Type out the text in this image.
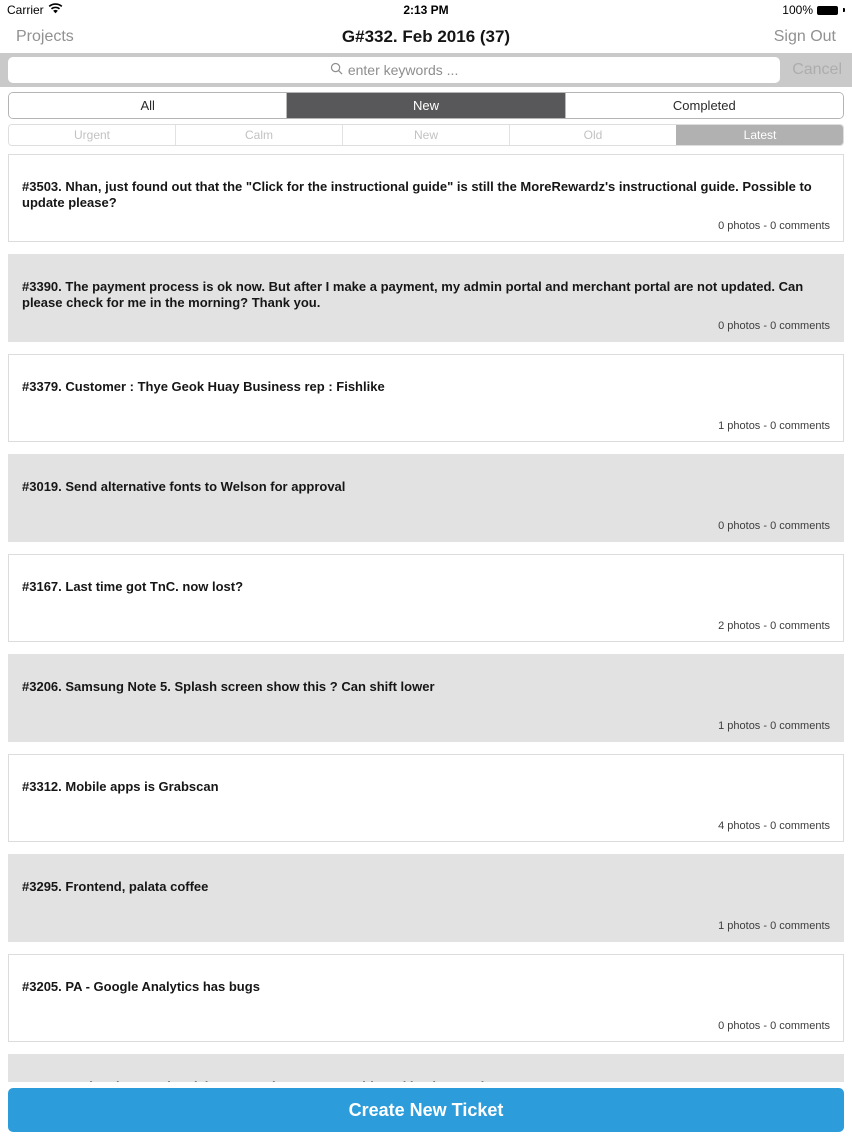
Carrier	2:13 PM	100%
G#332. Feb 2016 (37)
Projects	Sign Out
enter keywords ...	Cancel
All	New	Completed
Urgent	Calm	New	Old	Latest
#3503. Nhan, just found out that the "Click for the instructional guide" is still the MoreRewardz's instructional guide. Possible to update please?
0 photos - 0 comments
#3390. The payment process is ok now. But after I make a payment, my admin portal and merchant portal are not updated. Can please check for me in the morning? Thank you.
0 photos - 0 comments
#3379. Customer : Thye Geok Huay Business rep : Fishlike
1 photos - 0 comments
#3019. Send alternative fonts to Welson for approval
0 photos - 0 comments
#3167. Last time got TnC. now lost?
2 photos - 0 comments
#3206. Samsung Note 5. Splash screen show this ? Can shift lower
1 photos - 0 comments
#3312. Mobile apps is Grabscan
4 photos - 0 comments
#3295. Frontend, palata coffee
1 photos - 0 comments
#3205. PA - Google Analytics has bugs
0 photos - 0 comments
Create New Ticket
